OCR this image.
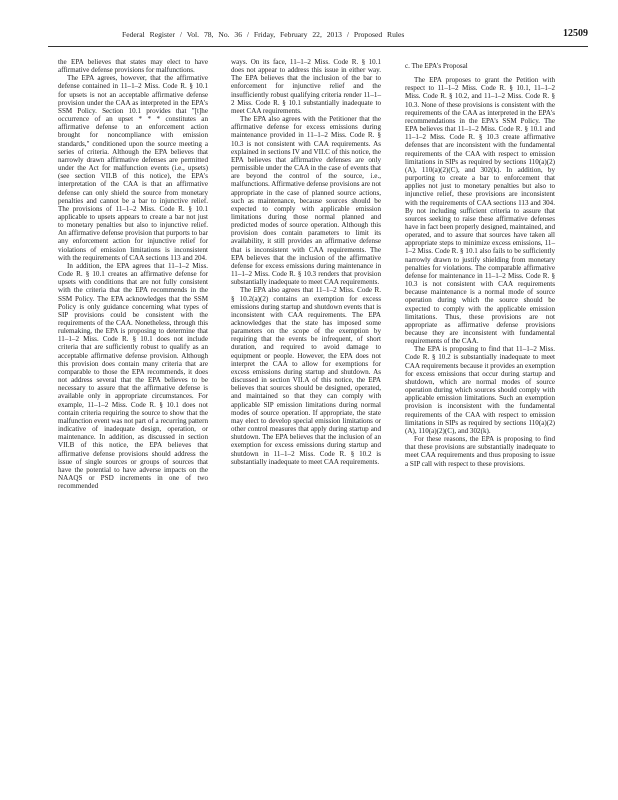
Federal Register / Vol. 78, No. 36 / Friday, February 22, 2013 / Proposed Rules	12509

the EPA believes that states may elect to have affirmative defense provisions for malfunctions.

The EPA agrees, however, that the affirmative defense contained in 11–1–2 Miss. Code R. § 10.1 for upsets is not an acceptable affirmative defense provision under the CAA as interpreted in the EPA's SSM Policy. Section 10.1 provides that "[t]he occurrence of an upset * * * constitutes an affirmative defense to an enforcement action brought for noncompliance with emission standards," conditioned upon the source meeting a series of criteria. Although the EPA believes that narrowly drawn affirmative defenses are permitted under the Act for malfunction events (i.e., upsets) (see section VII.B of this notice), the EPA's interpretation of the CAA is that an affirmative defense can only shield the source from monetary penalties and cannot be a bar to injunctive relief. The provisions of 11–1–2 Miss. Code R. § 10.1 applicable to upsets appears to create a bar not just to monetary penalties but also to injunctive relief. An affirmative defense provision that purports to bar any enforcement action for injunctive relief for violations of emission limitations is inconsistent with the requirements of CAA sections 113 and 204.

In addition, the EPA agrees that 11–1–2 Miss. Code R. § 10.1 creates an affirmative defense for upsets with conditions that are not fully consistent with the criteria that the EPA recommends in the SSM Policy. The EPA acknowledges that the SSM Policy is only guidance concerning what types of SIP provisions could be consistent with the requirements of the CAA. Nonetheless, through this rulemaking, the EPA is proposing to determine that 11–1–2 Miss. Code R. § 10.1 does not include criteria that are sufficiently robust to qualify as an acceptable affirmative defense provision. Although this provision does contain many criteria that are comparable to those the EPA recommends, it does not address several that the EPA believes to be necessary to assure that the affirmative defense is available only in appropriate circumstances. For example, 11–1–2 Miss. Code R. § 10.1 does not contain criteria requiring the source to show that the malfunction event was not part of a recurring pattern indicative of inadequate design, operation, or maintenance. In addition, as discussed in section VII.B of this notice, the EPA believes that affirmative defense provisions should address the issue of single sources or groups of sources that have the potential to have adverse impacts on the NAAQS or PSD increments in one of two recommended

ways. On its face, 11–1–2 Miss. Code R. § 10.1 does not appear to address this issue in either way. The EPA believes that the inclusion of the bar to enforcement for injunctive relief and the insufficiently robust qualifying criteria render 11–1–2 Miss. Code R. § 10.1 substantially inadequate to meet CAA requirements.

The EPA also agrees with the Petitioner that the affirmative defense for excess emissions during maintenance provided in 11–1–2 Miss. Code R. § 10.3 is not consistent with CAA requirements. As explained in sections IV and VII.C of this notice, the EPA believes that affirmative defenses are only permissible under the CAA in the case of events that are beyond the control of the source, i.e., malfunctions. Affirmative defense provisions are not appropriate in the case of planned source actions, such as maintenance, because sources should be expected to comply with applicable emission limitations during those normal planned and predicted modes of source operation. Although this provision does contain parameters to limit its availability, it still provides an affirmative defense that is inconsistent with CAA requirements. The EPA believes that the inclusion of the affirmative defense for excess emissions during maintenance in 11–1–2 Miss. Code R. § 10.3 renders that provision substantially inadequate to meet CAA requirements.

The EPA also agrees that 11–1–2 Miss. Code R. § 10.2(a)(2) contains an exemption for excess emissions during startup and shutdown events that is inconsistent with CAA requirements. The EPA acknowledges that the state has imposed some parameters on the scope of the exemption by requiring that the events be infrequent, of short duration, and required to avoid damage to equipment or people. However, the EPA does not interpret the CAA to allow for exemptions for excess emissions during startup and shutdown. As discussed in section VII.A of this notice, the EPA believes that sources should be designed, operated, and maintained so that they can comply with applicable SIP emission limitations during normal modes of source operation. If appropriate, the state may elect to develop special emission limitations or other control measures that apply during startup and shutdown. The EPA believes that the inclusion of an exemption for excess emissions during startup and shutdown in 11–1–2 Miss. Code R. § 10.2 is substantially inadequate to meet CAA requirements.

c. The EPA's Proposal

The EPA proposes to grant the Petition with respect to 11–1–2 Miss. Code R. § 10.1, 11–1–2 Miss. Code R. § 10.2, and 11–1–2 Miss. Code R. § 10.3. None of these provisions is consistent with the requirements of the CAA as interpreted in the EPA's recommendations in the EPA's SSM Policy. The EPA believes that 11–1–2 Miss. Code R. § 10.1 and 11–1–2 Miss. Code R. § 10.3 create affirmative defenses that are inconsistent with the fundamental requirements of the CAA with respect to emission limitations in SIPs as required by sections 110(a)(2)(A), 110(a)(2)(C), and 302(k). In addition, by purporting to create a bar to enforcement that applies not just to monetary penalties but also to injunctive relief, these provisions are inconsistent with the requirements of CAA sections 113 and 304. By not including sufficient criteria to assure that sources seeking to raise these affirmative defenses have in fact been properly designed, maintained, and operated, and to assure that sources have taken all appropriate steps to minimize excess emissions, 11–1–2 Miss. Code R. § 10.1 also fails to be sufficiently narrowly drawn to justify shielding from monetary penalties for violations. The comparable affirmative defense for maintenance in 11–1–2 Miss. Code R. § 10.3 is not consistent with CAA requirements because maintenance is a normal mode of source operation during which the source should be expected to comply with the applicable emission limitations. Thus, these provisions are not appropriate as affirmative defense provisions because they are inconsistent with fundamental requirements of the CAA.

The EPA is proposing to find that 11–1–2 Miss. Code R. § 10.2 is substantially inadequate to meet CAA requirements because it provides an exemption for excess emissions that occur during startup and shutdown, which are normal modes of source operation during which sources should comply with applicable emission limitations. Such an exemption provision is inconsistent with the fundamental requirements of the CAA with respect to emission limitations in SIPs as required by sections 110(a)(2)(A), 110(a)(2)(C), and 302(k).

For these reasons, the EPA is proposing to find that these provisions are substantially inadequate to meet CAA requirements and thus proposing to issue a SIP call with respect to these provisions.
